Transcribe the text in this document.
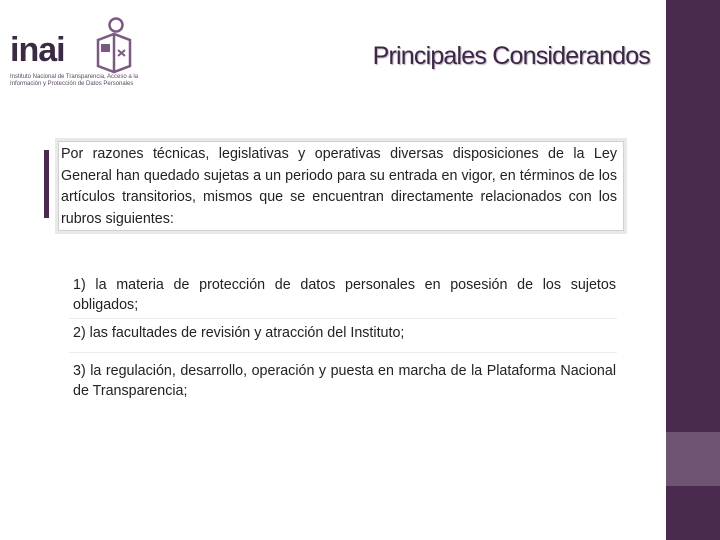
inai
Instituto Nacional de Transparencia, Acceso a la Información y Protección de Datos Personales
Principales Considerandos
Por razones técnicas, legislativas y operativas diversas disposiciones de la Ley General han quedado sujetas a un periodo para su entrada en vigor, en términos de los artículos transitorios, mismos que se encuentran directamente relacionados con los rubros siguientes:
1) la materia de protección de datos personales en posesión de los sujetos obligados;
2) las facultades de revisión y atracción del Instituto;
3) la regulación, desarrollo, operación y puesta en marcha de la Plataforma Nacional de Transparencia;
